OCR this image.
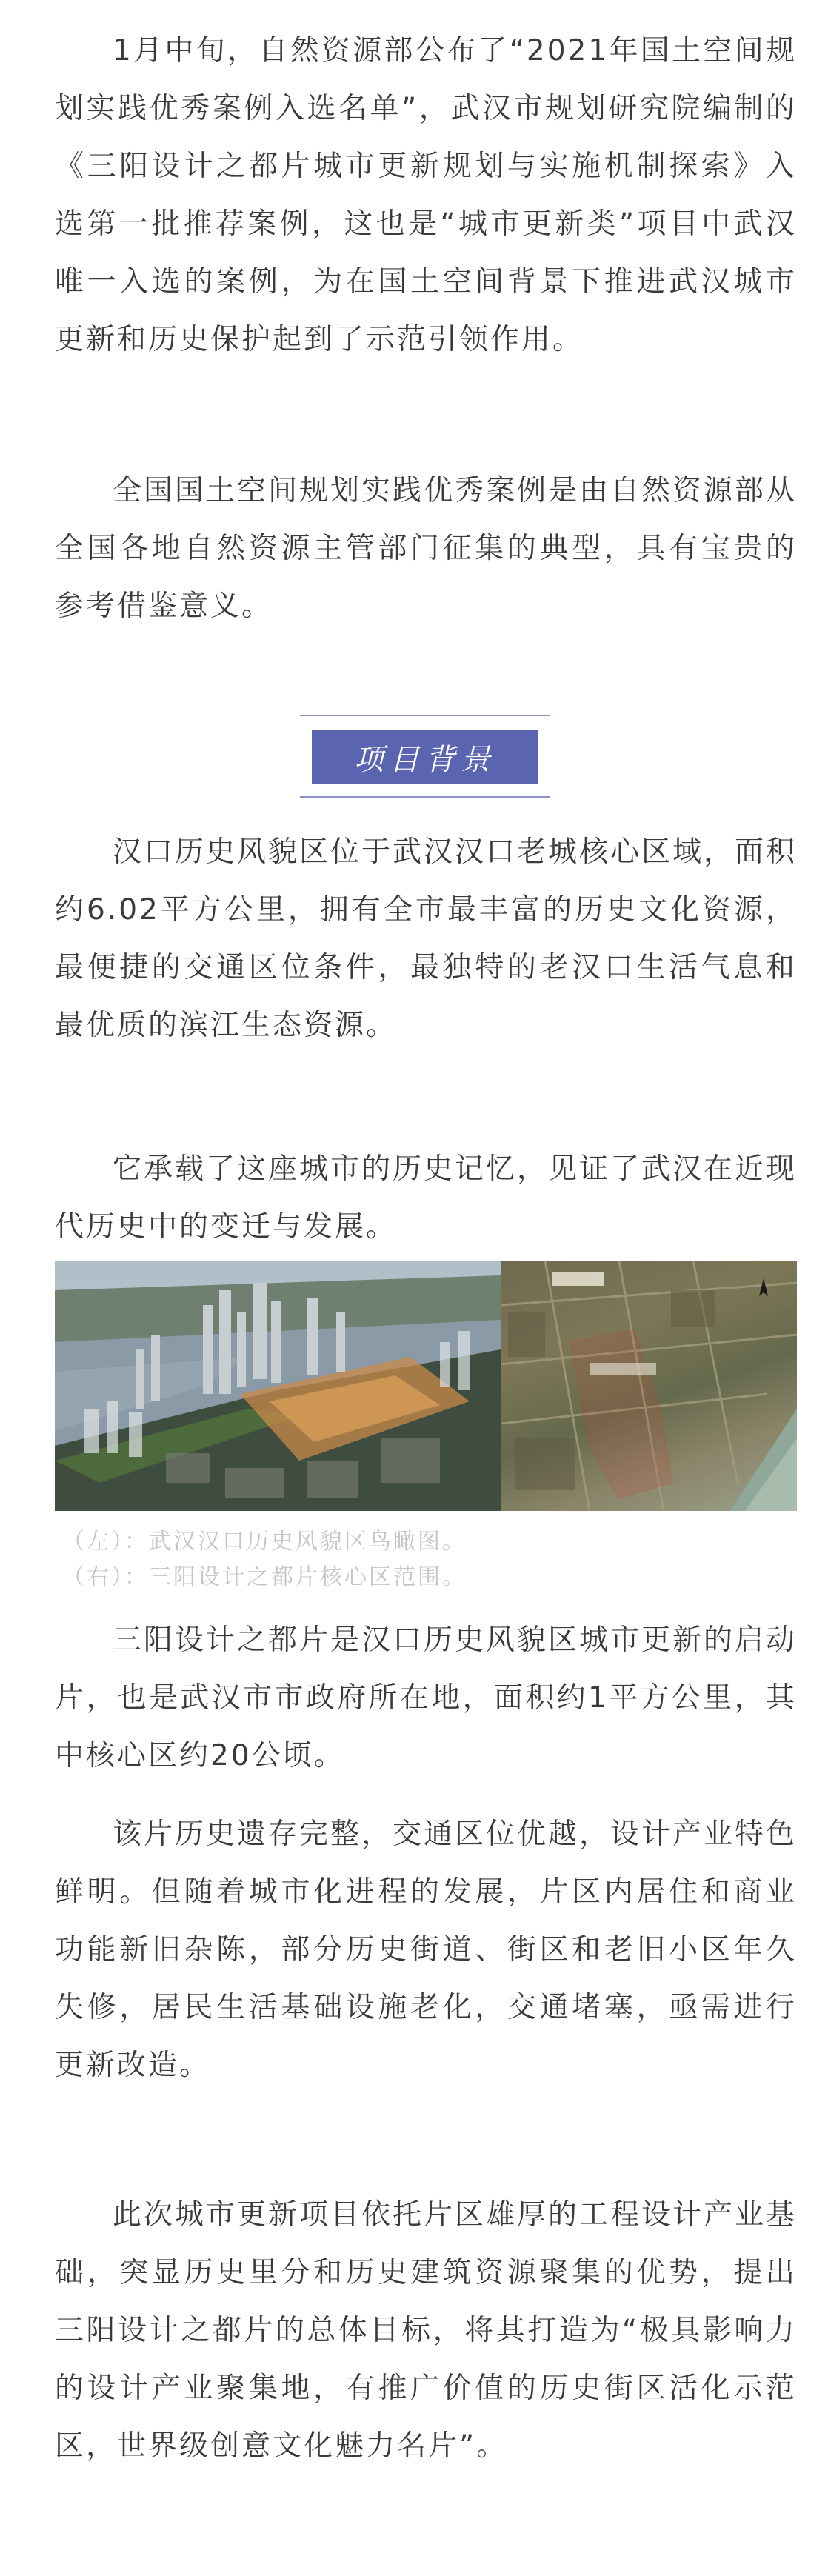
1月中旬，自然资源部公布了“2021年国土空间规划实践优秀案例入选名单”，武汉市规划研究院编制的《三阳设计之都片城市更新规划与实施机制探索》入选第一批推荐案例，这也是“城市更新类”项目中武汉唯一入选的案例，为在国土空间背景下推进武汉城市更新和历史保护起到了示范引领作用。

全国国土空间规划实践优秀案例是由自然资源部从全国各地自然资源主管部门征集的典型，具有宝贵的参考借鉴意义。

项目背景

汉口历史风貌区位于武汉汉口老城核心区域，面积约6.02平方公里，拥有全市最丰富的历史文化资源，最便捷的交通区位条件，最独特的老汉口生活气息和最优质的滨江生态资源。

它承载了这座城市的历史记忆，见证了武汉在近现代历史中的变迁与发展。

（左）：武汉汉口历史风貌区鸟瞰图。

（右）：三阳设计之都片核心区范围。

三阳设计之都片是汉口历史风貌区城市更新的启动片，也是武汉市市政府所在地，面积约1平方公里，其中核心区约20公顷。

该片历史遗存完整，交通区位优越，设计产业特色鲜明。但随着城市化进程的发展，片区内居住和商业功能新旧杂陈，部分历史街道、街区和老旧小区年久失修，居民生活基础设施老化，交通堵塞，亟需进行更新改造。

此次城市更新项目依托片区雄厚的工程设计产业基础，突显历史里分和历史建筑资源聚集的优势，提出三阳设计之都片的总体目标，将其打造为“极具影响力的设计产业聚集地，有推广价值的历史街区活化示范区，世界级创意文化魅力名片”。
